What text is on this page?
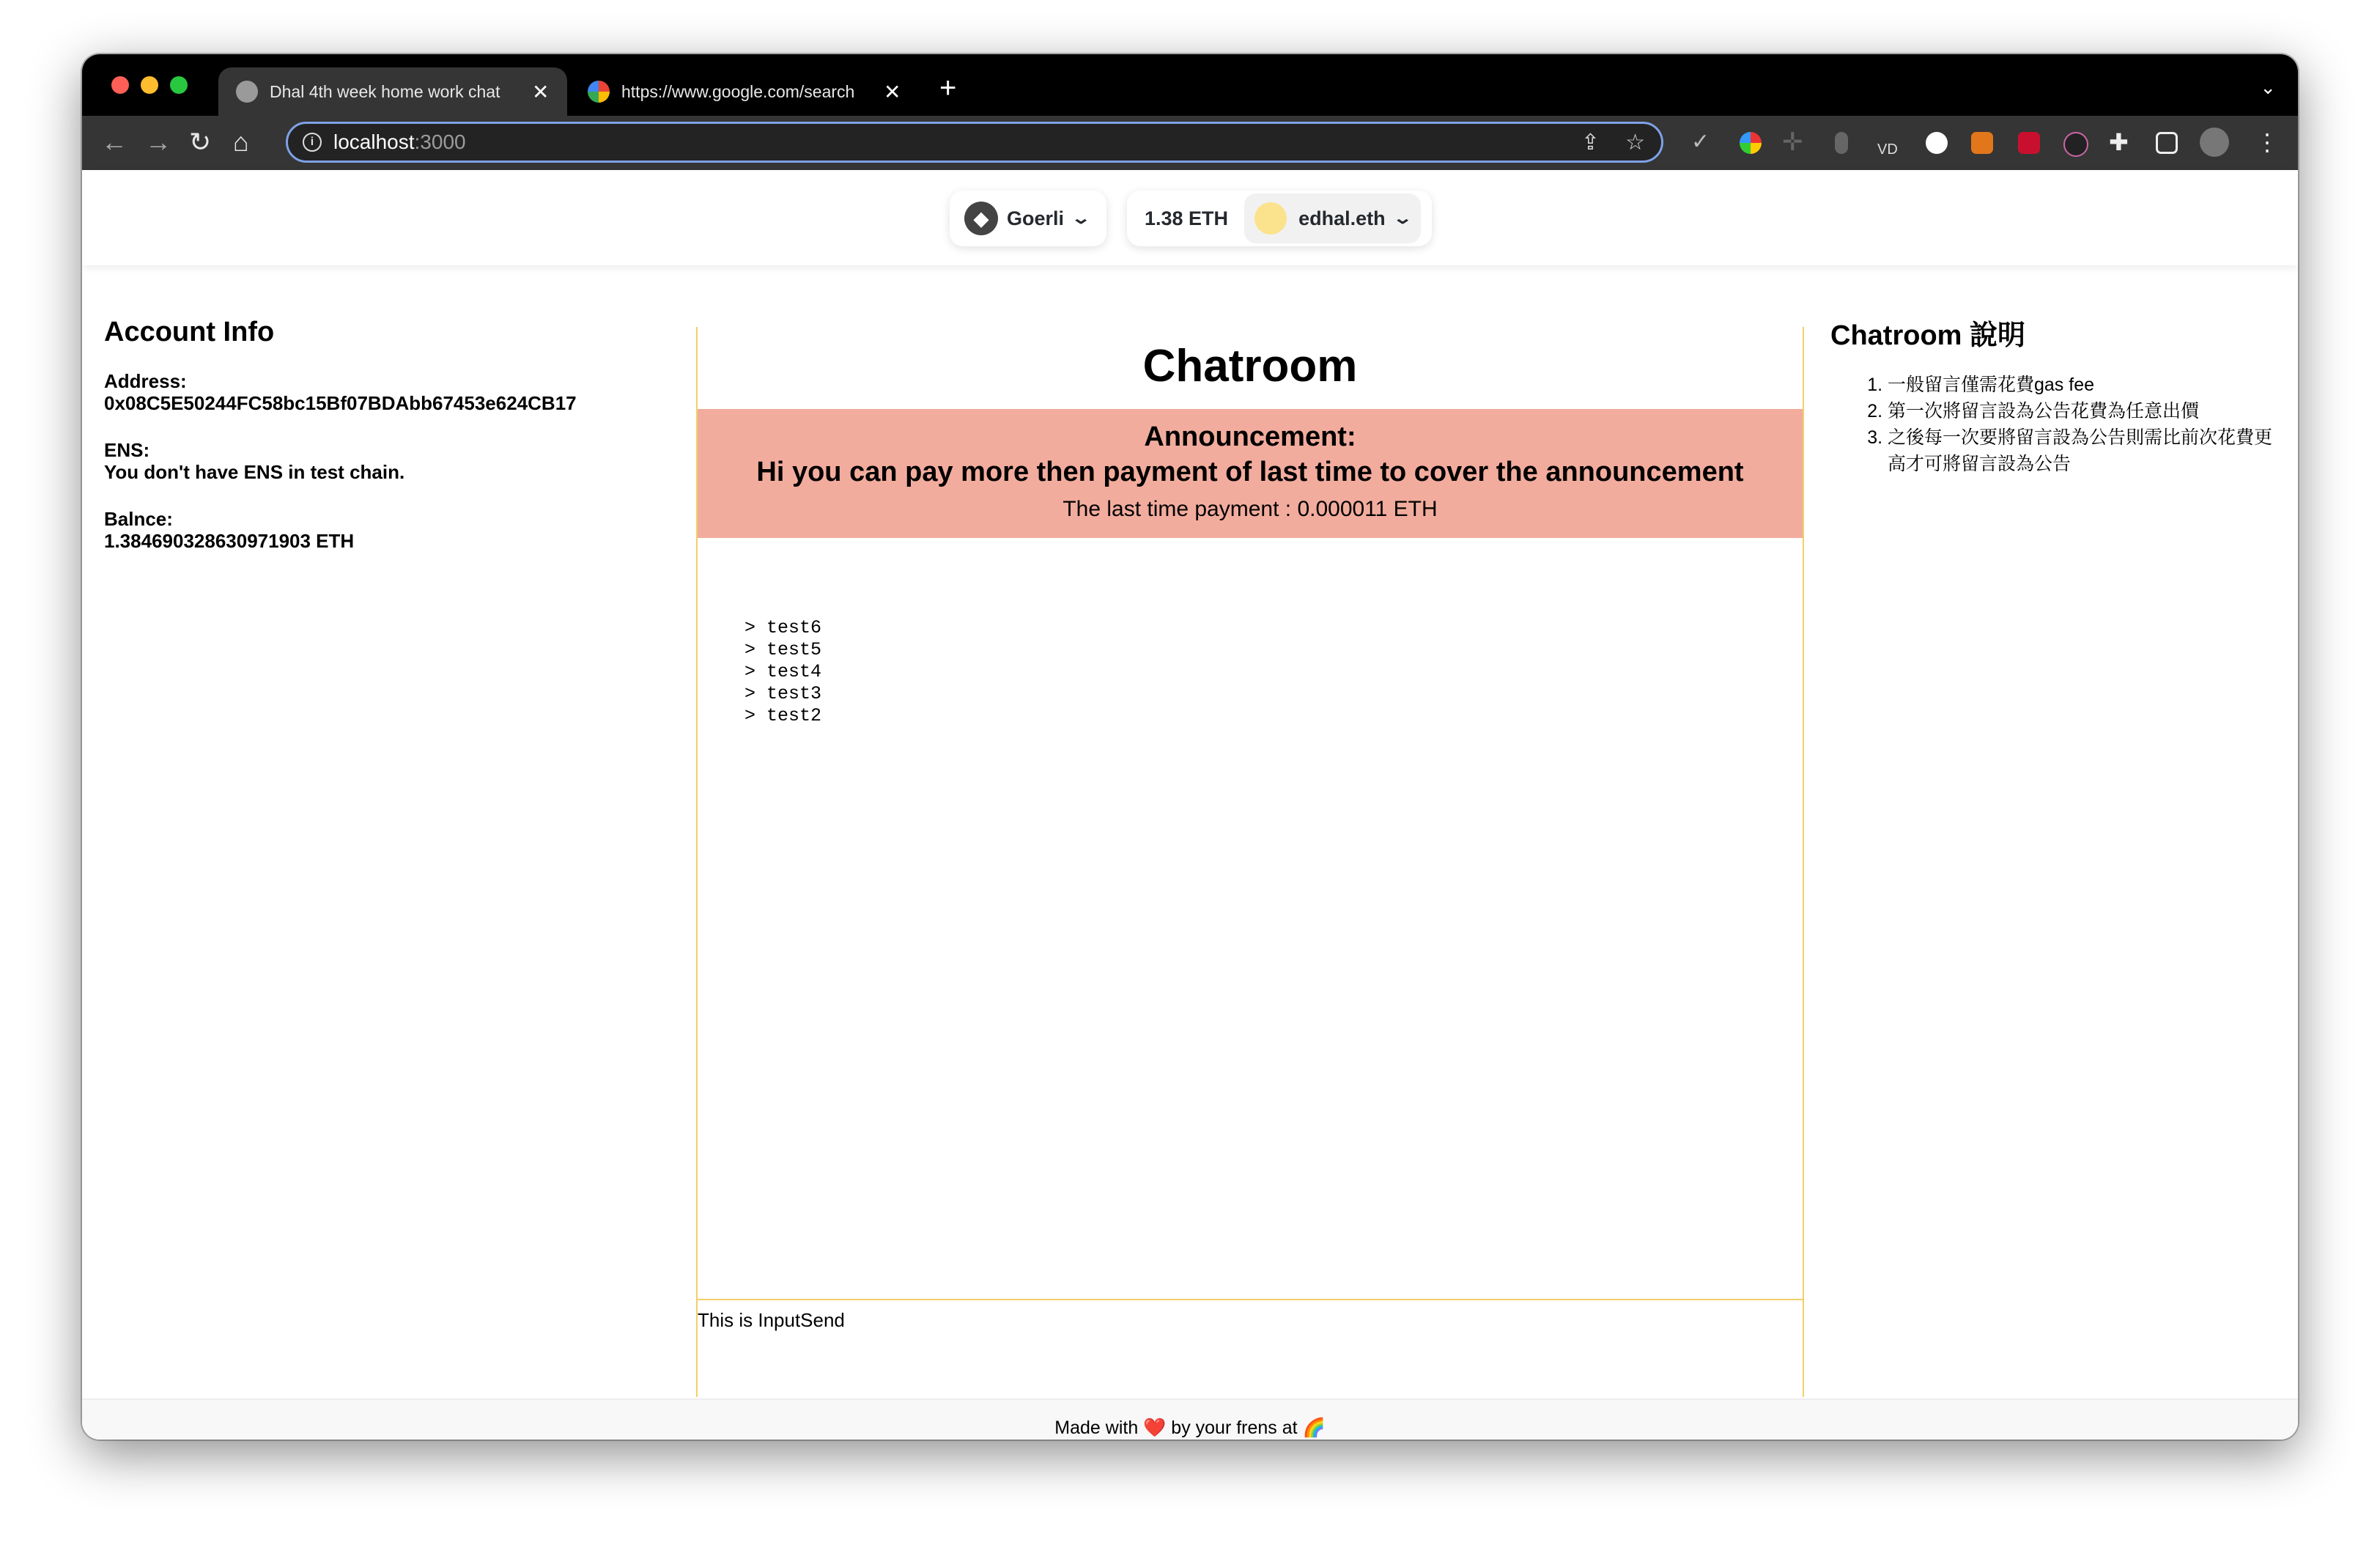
Dhal 4th week home work chat	✕	https://www.google.com/search	✕ +	⌄
← → ↻ ⌂	i localhost :3000	⇪ ☆ ✓	✛	VD	✚	⋮
◆ Goerli ⌄	1.38 ETH	edhal.eth ⌄
Account Info
Address:
0x08C5E50244FC58bc15Bf07BDAbb67453e624CB17
ENS:
You don't have ENS in test chain.
Balnce:
1.384690328630971903 ETH
Chatroom
Announcement:
Hi you can pay more then payment of last time to cover the announcement
The last time payment : 0.000011 ETH
> test6
> test5
> test4
> test3
> test2
This is InputSend
Chatroom 說明
1. 一般留言僅需花費gas fee
2. 第一次將留言設為公告花費為任意出價
3. 之後每一次要將留言設為公告則需比前次花費更高才可將留言設為公告
Made with ❤️ by your frens at 🌈
